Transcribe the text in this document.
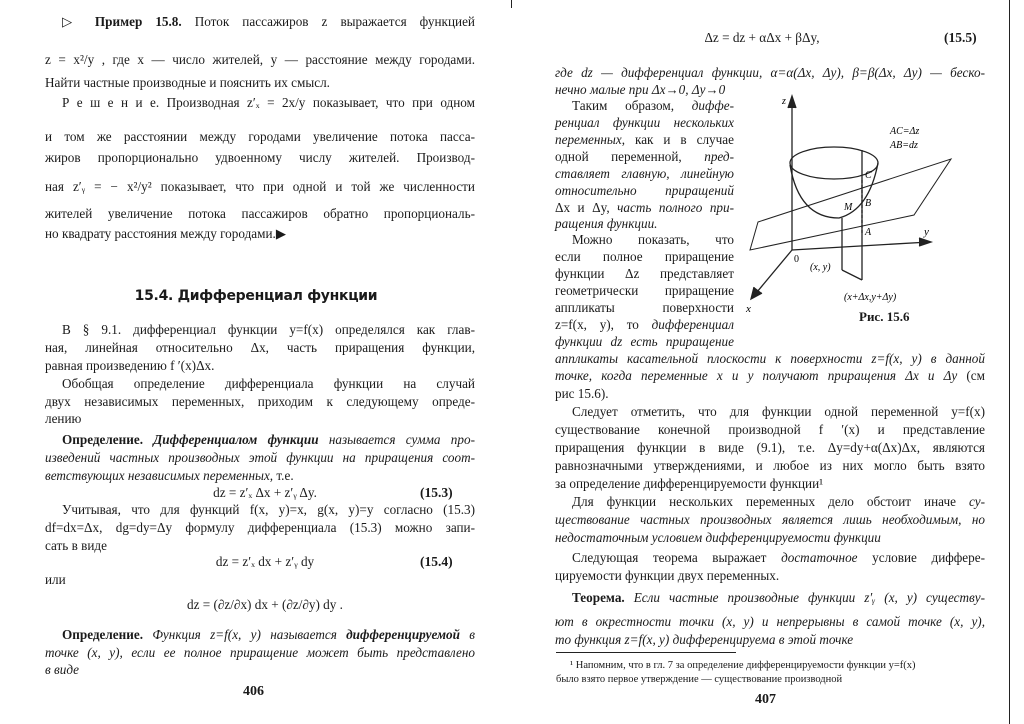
15.4. Дифференциал функции
dz = z′ₓ Δx + z′ᵧ Δy.	(15.3)
dz = z′ₓ dx + z′ᵧ dy	(15.4)
dz = (∂z/∂x) dx + (∂z/∂y) dy .
406
▷ Пример 15.8. Поток пассажиров z выражается функцией
z = x²/y , где x — число жителей, y — расстояние между городами.
Найти частные производные и пояснить их смысл.
Р е ш е н и е. Производная z′ₓ = 2x/y показывает, что при одном
и том же расстоянии между городами увеличение потока пасса-
жиров пропорционально удвоенному числу жителей. Производ-
ная z′ᵧ = − x²/y² показывает, что при одной и той же численности
жителей увеличение потока пассажиров обратно пропорциональ-
но квадрату расстояния между городами.▶
В § 9.1. дифференциал функции y=f(x) определялся как глав-
ная, линейная относительно Δx, часть приращения функции,
равная произведению f ′(x)Δx.
Обобщая определение дифференциала функции на случай
двух независимых переменных, приходим к следующему опреде-
лению
Определение. Дифференциалом функции называется сумма про-
изведений частных производных этой функции на приращения соот-
ветствующих независимых переменных, т.е.
Учитывая, что для функций f(x, y)=x, g(x, y)=y согласно (15.3)
df=dx=Δx, dg=dy=Δy формулу дифференциала (15.3) можно запи-
сать в виде
или
Определение. Функция z=f(x, y) называется дифференцируемой в
точке (x, y), если ее полное приращение может быть представлено
в виде
Δz = dz + αΔx + βΔy,	(15.5)
z
y
x
0
C
B
M
A
AC=Δz
AB=dz
(x, y)
(x+Δx,y+Δy)
Рис. 15.6
¹ Напомним, что в гл. 7 за определение дифференцируемости функции y=f(x)
было взято первое утверждение — существование производной
407
где dz — дифференциал функции, α=α(Δx, Δy), β=β(Δx, Δy) — беско-
нечно малые при Δx→0, Δy→0
Таким образом, диффе-
ренциал функции нескольких
переменных, как и в случае
одной переменной, пред-
ставляет главную, линейную
относительно приращений
Δx и Δy, часть полного при-
ращения функции.
Можно показать, что
если полное приращение
функции Δz представляет
геометрически приращение
аппликаты поверхности
z=f(x, y), то дифференциал
функции dz есть приращение
аппликаты касательной плоскости к поверхности z=f(x, y) в данной
точке, когда переменные x и y получают приращения Δx и Δy (см
рис 15.6).
Следует отметить, что для функции одной переменной y=f(x)
существование конечной производной f ′(x) и представление
приращения функции в виде (9.1), т.е. Δy=dy+α(Δx)Δx, являются
равнозначными утверждениями, и любое из них могло быть взято
за определение дифференцируемости функции¹
Для функции нескольких переменных дело обстоит иначе су-
ществование частных производных является лишь необходимым, но
недостаточным условием дифференцируемости функции
Следующая теорема выражает достаточное условие диффере-
цируемости функции двух переменных.
Теорема. Если частные производные функции z′ᵧ (x, y) существу-
ют в окрестности точки (x, y) и непрерывны в самой точке (x, y),
то функция z=f(x, y) дифференцируема в этой точке
